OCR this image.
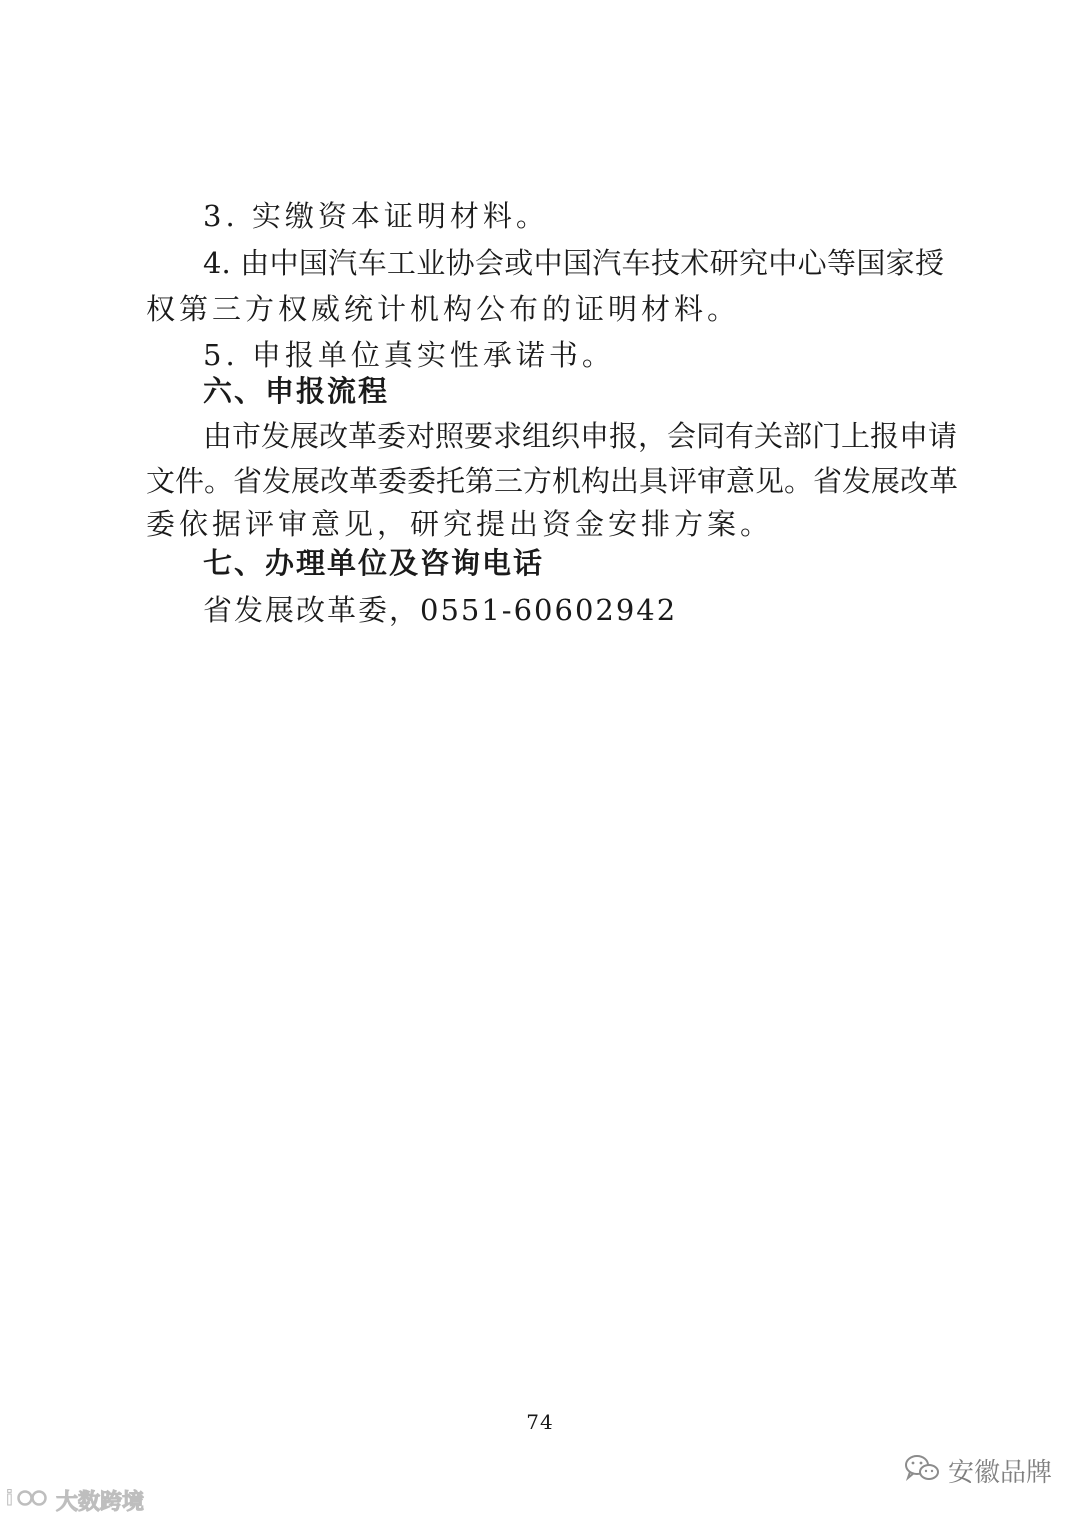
3. 实缴资本证明材料。
4. 由中国汽车工业协会或中国汽车技术研究中心等国家授
权第三方权威统计机构公布的证明材料。
5. 申报单位真实性承诺书。
六、申报流程
由市发展改革委对照要求组织申报，会同有关部门上报申请
文件。省发展改革委委托第三方机构出具评审意见。省发展改革
委依据评审意见，研究提出资金安排方案。
七、办理单位及咨询电话
省发展改革委，0551-60602942
74
i 大数跨境
安徽品牌
